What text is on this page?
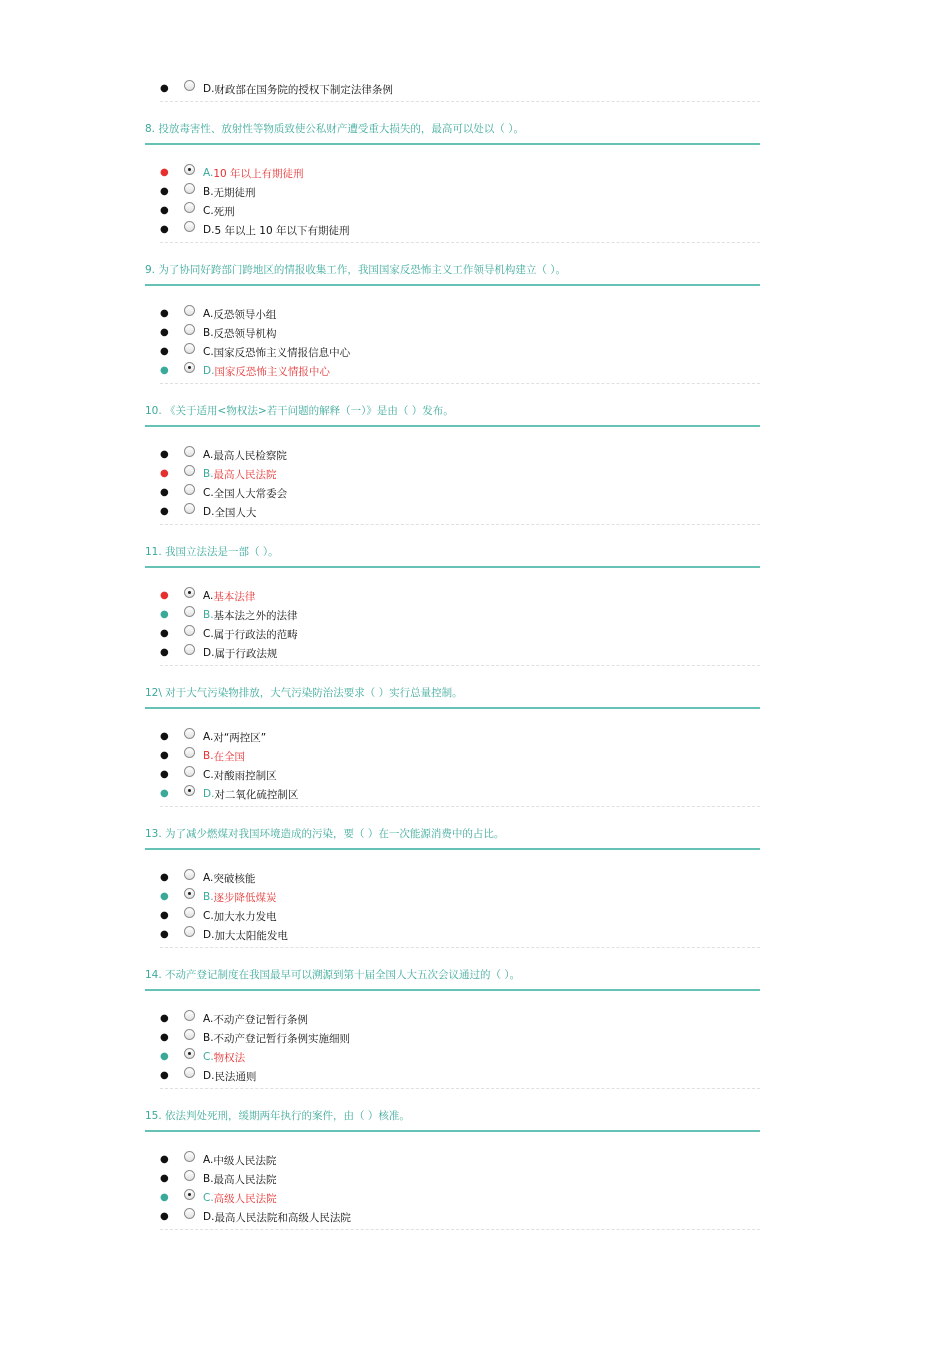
●	D. 财政部在国务院的授权下制定法律条例
8. 投放毒害性、放射性等物质致使公私财产遭受重大损失的，最高可以处以（ ）。
●	A. 10 年以上有期徒刑
●	B. 无期徒刑
●	C. 死刑
●	D. 5 年以上 10 年以下有期徒刑
9. 为了协同好跨部门跨地区的情报收集工作，我国国家反恐怖主义工作领导机构建立（ ）。
●	A. 反恐领导小组
●	B. 反恐领导机构
●	C. 国家反恐怖主义情报信息中心
●	D. 国家反恐怖主义情报中心
10. 《关于适用<物权法>若干问题的解释（一）》是由（ ）发布。
●	A. 最高人民检察院
●	B. 最高人民法院
●	C. 全国人大常委会
●	D. 全国人大
11. 我国立法法是一部（ ）。
●	A. 基本法律
●	B. 基本法之外的法律
●	C. 属于行政法的范畴
●	D. 属于行政法规
12\ 对于大气污染物排放，大气污染防治法要求（ ）实行总量控制。
●	A. 对“两控区”
●	B. 在全国
●	C. 对酸雨控制区
●	D. 对二氧化硫控制区
13. 为了减少燃煤对我国环境造成的污染，要（ ）在一次能源消费中的占比。
●	A. 突破核能
●	B. 逐步降低煤炭
●	C. 加大水力发电
●	D. 加大太阳能发电
14. 不动产登记制度在我国最早可以溯源到第十届全国人大五次会议通过的（ ）。
●	A. 不动产登记暂行条例
●	B. 不动产登记暂行条例实施细则
●	C. 物权法
●	D. 民法通则
15. 依法判处死刑，缓期两年执行的案件，由（ ）核准。
●	A. 中级人民法院
●	B. 最高人民法院
●	C. 高级人民法院
●	D. 最高人民法院和高级人民法院
